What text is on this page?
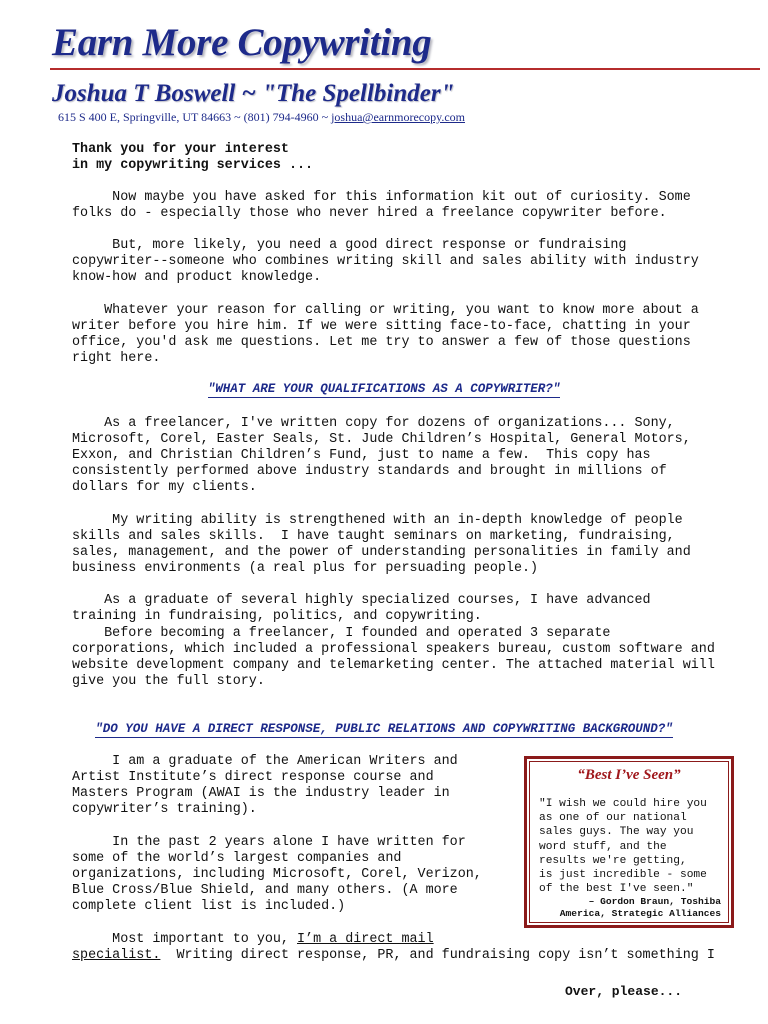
Earn More Copywriting
Joshua T Boswell ~ "The Spellbinder"
615 S 400 E, Springville, UT 84663 ~ (801) 794-4960 ~ joshua@earnmorecopy.com

Thank you for your interest
in my copywriting services ...

Now maybe you have asked for this information kit out of curiosity. Some
folks do - especially those who never hired a freelance copywriter before.

But, more likely, you need a good direct response or fundraising
copywriter--someone who combines writing skill and sales ability with industry
know-how and product knowledge.

Whatever your reason for calling or writing, you want to know more about a
writer before you hire him. If we were sitting face-to-face, chatting in your
office, you'd ask me questions. Let me try to answer a few of those questions
right here.

"WHAT ARE YOUR QUALIFICATIONS AS A COPYWRITER?"

As a freelancer, I've written copy for dozens of organizations... Sony,
Microsoft, Corel, Easter Seals, St. Jude Children’s Hospital, General Motors,
Exxon, and Christian Children’s Fund, just to name a few.  This copy has
consistently performed above industry standards and brought in millions of
dollars for my clients.

My writing ability is strengthened with an in-depth knowledge of people
skills and sales skills.  I have taught seminars on marketing, fundraising,
sales, management, and the power of understanding personalities in family and
business environments (a real plus for persuading people.)

As a graduate of several highly specialized courses, I have advanced
training in fundraising, politics, and copywriting.

Before becoming a freelancer, I founded and operated 3 separate
corporations, which included a professional speakers bureau, custom software and
website development company and telemarketing center. The attached material will
give you the full story.

"DO YOU HAVE A DIRECT RESPONSE, PUBLIC RELATIONS AND COPYWRITING BACKGROUND?"

I am a graduate of the American Writers and
Artist Institute’s direct response course and
Masters Program (AWAI is the industry leader in
copywriter’s training).

In the past 2 years alone I have written for
some of the world’s largest companies and
organizations, including Microsoft, Corel, Verizon,
Blue Cross/Blue Shield, and many others. (A more
complete client list is included.)

Most important to you, I’m a direct mail
specialist.  Writing direct response, PR, and fundraising copy isn’t something I

“Best I’ve Seen”

"I wish we could hire you
as one of our national
sales guys. The way you
word stuff, and the
results we're getting,
is just incredible - some
of the best I've seen."

– Gordon Braun, Toshiba
America, Strategic Alliances

Over, please...
